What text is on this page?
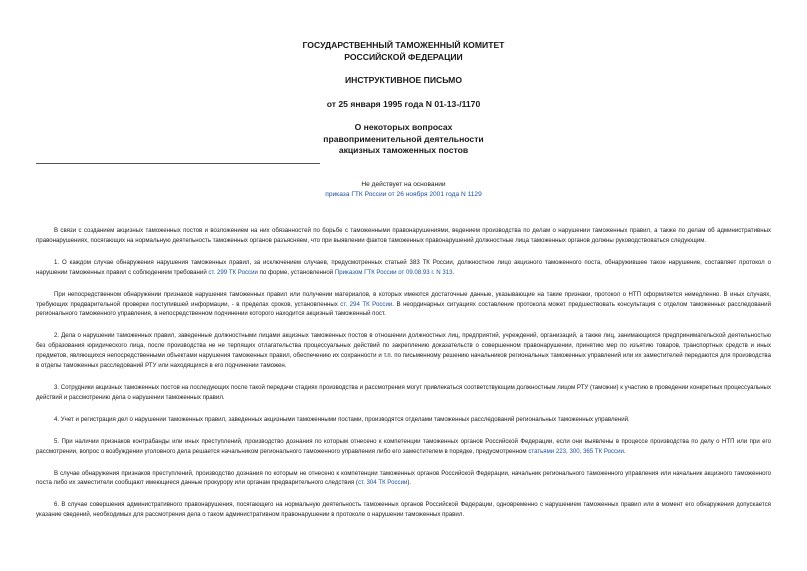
ГОСУДАРСТВЕННЫЙ ТАМОЖЕННЫЙ КОМИТЕТ
РОССИЙСКОЙ ФЕДЕРАЦИИ
ИНСТРУКТИВНОЕ ПИСЬМО
от 25 января 1995 года N 01-13-/1170
О некоторых вопросах
правоприменительной деятельности
акцизных таможенных постов
Не действует на основании
приказа ГТК России от 26 ноября 2001 года N 1129

В связи с созданием акцизных таможенных постов и возложением на них обязанностей по борьбе с таможенными правонарушениями, ведением производства по делам о нарушении таможенных правил, а также по делам об административных правонарушениях, посягающих на нормальную деятельность таможенных органов разъясняем, что при выявлении фактов таможенных правонарушений должностные лица таможенных органов должны руководствоваться следующим.

1. О каждом случае обнаружения нарушения таможенных правил, за исключением случаев, предусмотренных статьей 383 ТК России, должностное лицо акцизного таможенного поста, обнаружившее такое нарушение, составляет протокол о нарушении таможенных правил с соблюдением требований ст. 299 ТК России по форме, установленной Приказом ГТК России от 09.08.93 г. N 313.

При непосредственном обнаружении признаков нарушения таможенных правил или получении материалов, в которых имеются достаточные данные, указывающие на такие признаки, протокол о НТП оформляется немедленно. В иных случаях, требующих предварительной проверки поступившей информации, - в пределах сроков, установленных ст. 294 ТК России. В неординарных ситуациях составление протокола может предшествовать консультация с отделом таможенных расследований регионального таможенного управления, в непосредственном подчинении которого находится акцизный таможенный пост.

2. Дела о нарушении таможенных правил, заведенные должностными лицами акцизных таможенных постов в отношении должностных лиц, предприятий, учреждений, организаций, а также лиц, занимающихся предпринимательской деятельностью без образования юридического лица, после производства не не терпящих отлагательства процессуальных действий по закреплению доказательств о совершенном правонарушении, принятию мер по изъятию товаров, транспортных средств и иных предметов, являющихся непосредственными объектами нарушения таможенных правил, обеспечению их сохранности и т.п. по письменному решению начальников региональных таможенных управлений или их заместителей передаются для производства в отделы таможенных расследований РТУ или находящихся в его подчинении таможен.

3. Сотрудники акцизных таможенных постов на последующих после такой передачи стадиях производства и рассмотрения могут привлекаться соответствующим должностным лицом РТУ (таможни) к участию в проведении конкретных процессуальных действий и рассмотрению дела о нарушении таможенных правил.

4. Учет и регистрация дел о нарушении таможенных правил, заведенных акцизными таможенными постами, производятся отделами таможенных расследований региональных таможенных управлений.

5. При наличии признаков контрабанды или иных преступлений, производство дознания по которым отнесено к компетенции таможенных органов Российской Федерации, если они выявлены в процессе производства по делу о НТП или при его рассмотрении, вопрос о возбуждении уголовного дела решается начальником регионального таможенного управления либо его заместителем в порядке, предусмотренном статьями 223, 300, 365 ТК России.

В случае обнаружения признаков преступлений, производство дознания по которым не отнесено к компетенции таможенных органов Российской Федерации, начальник регионального таможенного управления или начальник акцизного таможенного поста либо их заместители сообщают имеющиеся данные прокурору или органам предварительного следствия (ст. 304 ТК России).

6. В случае совершения административного правонарушения, посягающего на нормальную деятельность таможенных органов Российской Федерации, одновременно с нарушением таможенных правил или в момент его обнаружения допускается указание сведений, необходимых для рассмотрения дела о таком административном правонарушении в протоколе о нарушении таможенных правил.
